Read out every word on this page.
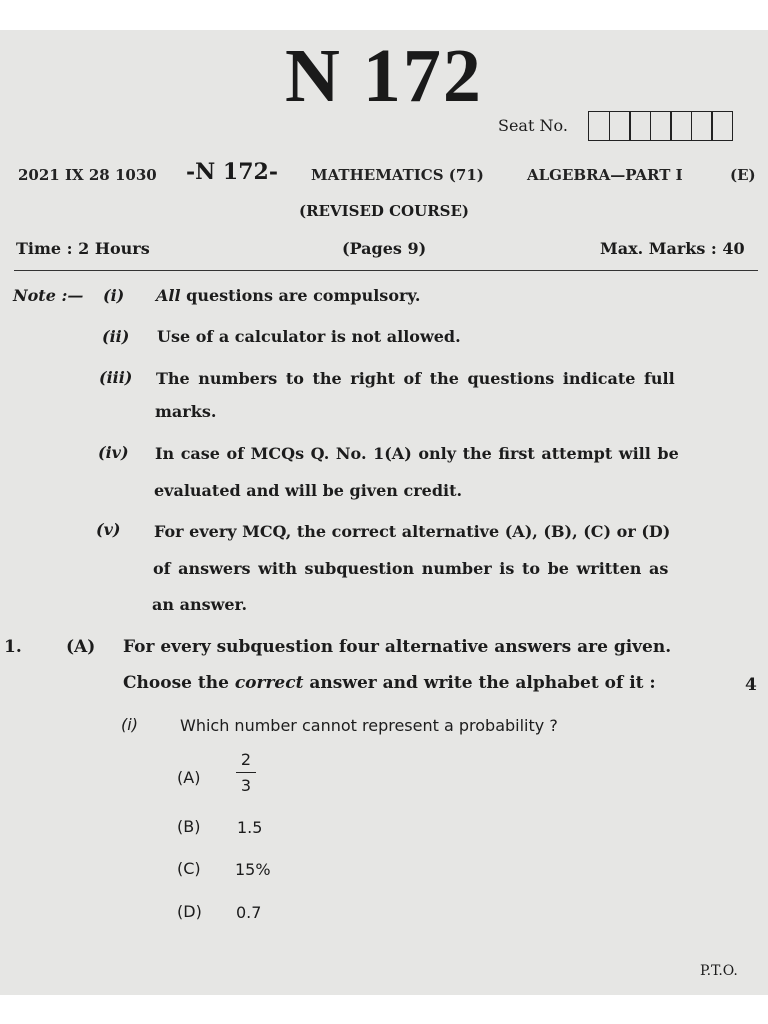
N 172
Seat No.
2021 IX 28 1030 -N 172- MATHEMATICS (71)	ALGEBRA—PART I	(E)
(REVISED COURSE)
Time : 2 Hours	(Pages 9)	Max. Marks : 40
Note :— (i) All questions are compulsory.
(ii) Use of a calculator is not allowed.
(iii) The numbers to the right of the questions indicate full
marks.
(iv) In case of MCQs Q. No. 1(A) only the first attempt will be
evaluated and will be given credit.
(v) For every MCQ, the correct alternative (A), (B), (C) or (D)
of answers with subquestion number is to be written as
an answer.
1.	(A) For every subquestion four alternative answers are given.
Choose the correct answer and write the alphabet of it :	4
(i)	Which number cannot represent a probability ?
(A)
2
3
(B) 1.5
(C) 15%
(D) 0.7
P.T.O.
